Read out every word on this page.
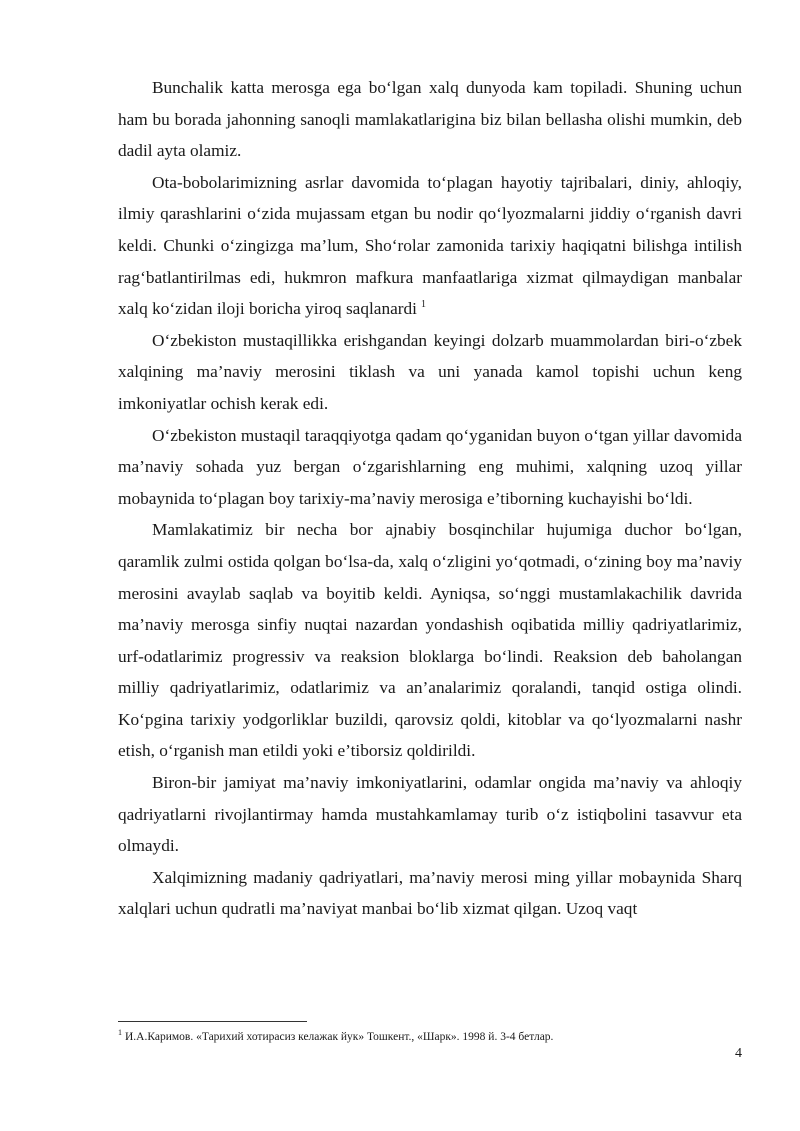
Bunchalik katta merosga ega bo‘lgan xalq dunyoda kam topiladi. Shuning uchun ham bu borada jahonning sanoqli mamlakatlarigina biz bilan bellasha olishi mumkin, deb dadil ayta olamiz.

Ota-bobolarimizning asrlar davomida to‘plagan hayotiy tajribalari, diniy, ahloqiy, ilmiy qarashlarini o‘zida mujassam etgan bu nodir qo‘lyozmalarni jiddiy o‘rganish davri keldi. Chunki o‘zingizga ma’lum, Sho‘rolar zamonida tarixiy haqiqatni bilishga intilish rag‘batlantirilmas edi, hukmron mafkura manfaatlariga xizmat qilmaydigan manbalar xalq ko‘zidan iloji boricha yiroq saqlanardi $^1$

O‘zbekiston mustaqillikka erishgandan keyingi dolzarb muammolardan biri-o‘zbek xalqining ma’naviy merosini tiklash va uni yanada kamol topishi uchun keng imkoniyatlar ochish kerak edi.

O‘zbekiston mustaqil taraqqiyotga qadam qo‘yganidan buyon o‘tgan yillar davomida ma’naviy sohada yuz bergan o‘zgarishlarning eng muhimi, xalqning uzoq yillar mobaynida to‘plagan boy tarixiy-ma’naviy merosiga e’tiborning kuchayishi bo‘ldi.

Mamlakatimiz bir necha bor ajnabiy bosqinchilar hujumiga duchor bo‘lgan, qaramlik zulmi ostida qolgan bo‘lsa-da, xalq o‘zligini yo‘qotmadi, o‘zining boy ma’naviy merosini avaylab saqlab va boyitib keldi. Ayniqsa, so‘nggi mustamlakachilik davrida ma’naviy merosga sinfiy nuqtai nazardan yondashish oqibatida milliy qadriyatlarimiz, urf-odatlarimiz progressiv va reaksion bloklarga bo‘lindi. Reaksion deb baholangan milliy qadriyatlarimiz, odatlarimiz va an’analarimiz qoralandi, tanqid ostiga olindi. Ko‘pgina tarixiy yodgorliklar buzildi, qarovsiz qoldi, kitoblar va qo‘lyozmalarni nashr etish, o‘rganish man etildi yoki e’tiborsiz qoldirildi.

Biron-bir jamiyat ma’naviy imkoniyatlarini, odamlar ongida ma’naviy va ahloqiy qadriyatlarni rivojlantirmay hamda mustahkamlamay turib o‘z istiqbolini tasavvur eta olmaydi.

Xalqimizning madaniy qadriyatlari, ma’naviy merosi ming yillar mobaynida Sharq xalqlari uchun qudratli ma’naviyat manbai bo‘lib xizmat qilgan. Uzoq vaqt

$^1$ И.А.Каримов. «Тарихий хотирасиз келажак йук» Тошкент., «Шарк». 1998 й. 3-4 бетлар.
4
